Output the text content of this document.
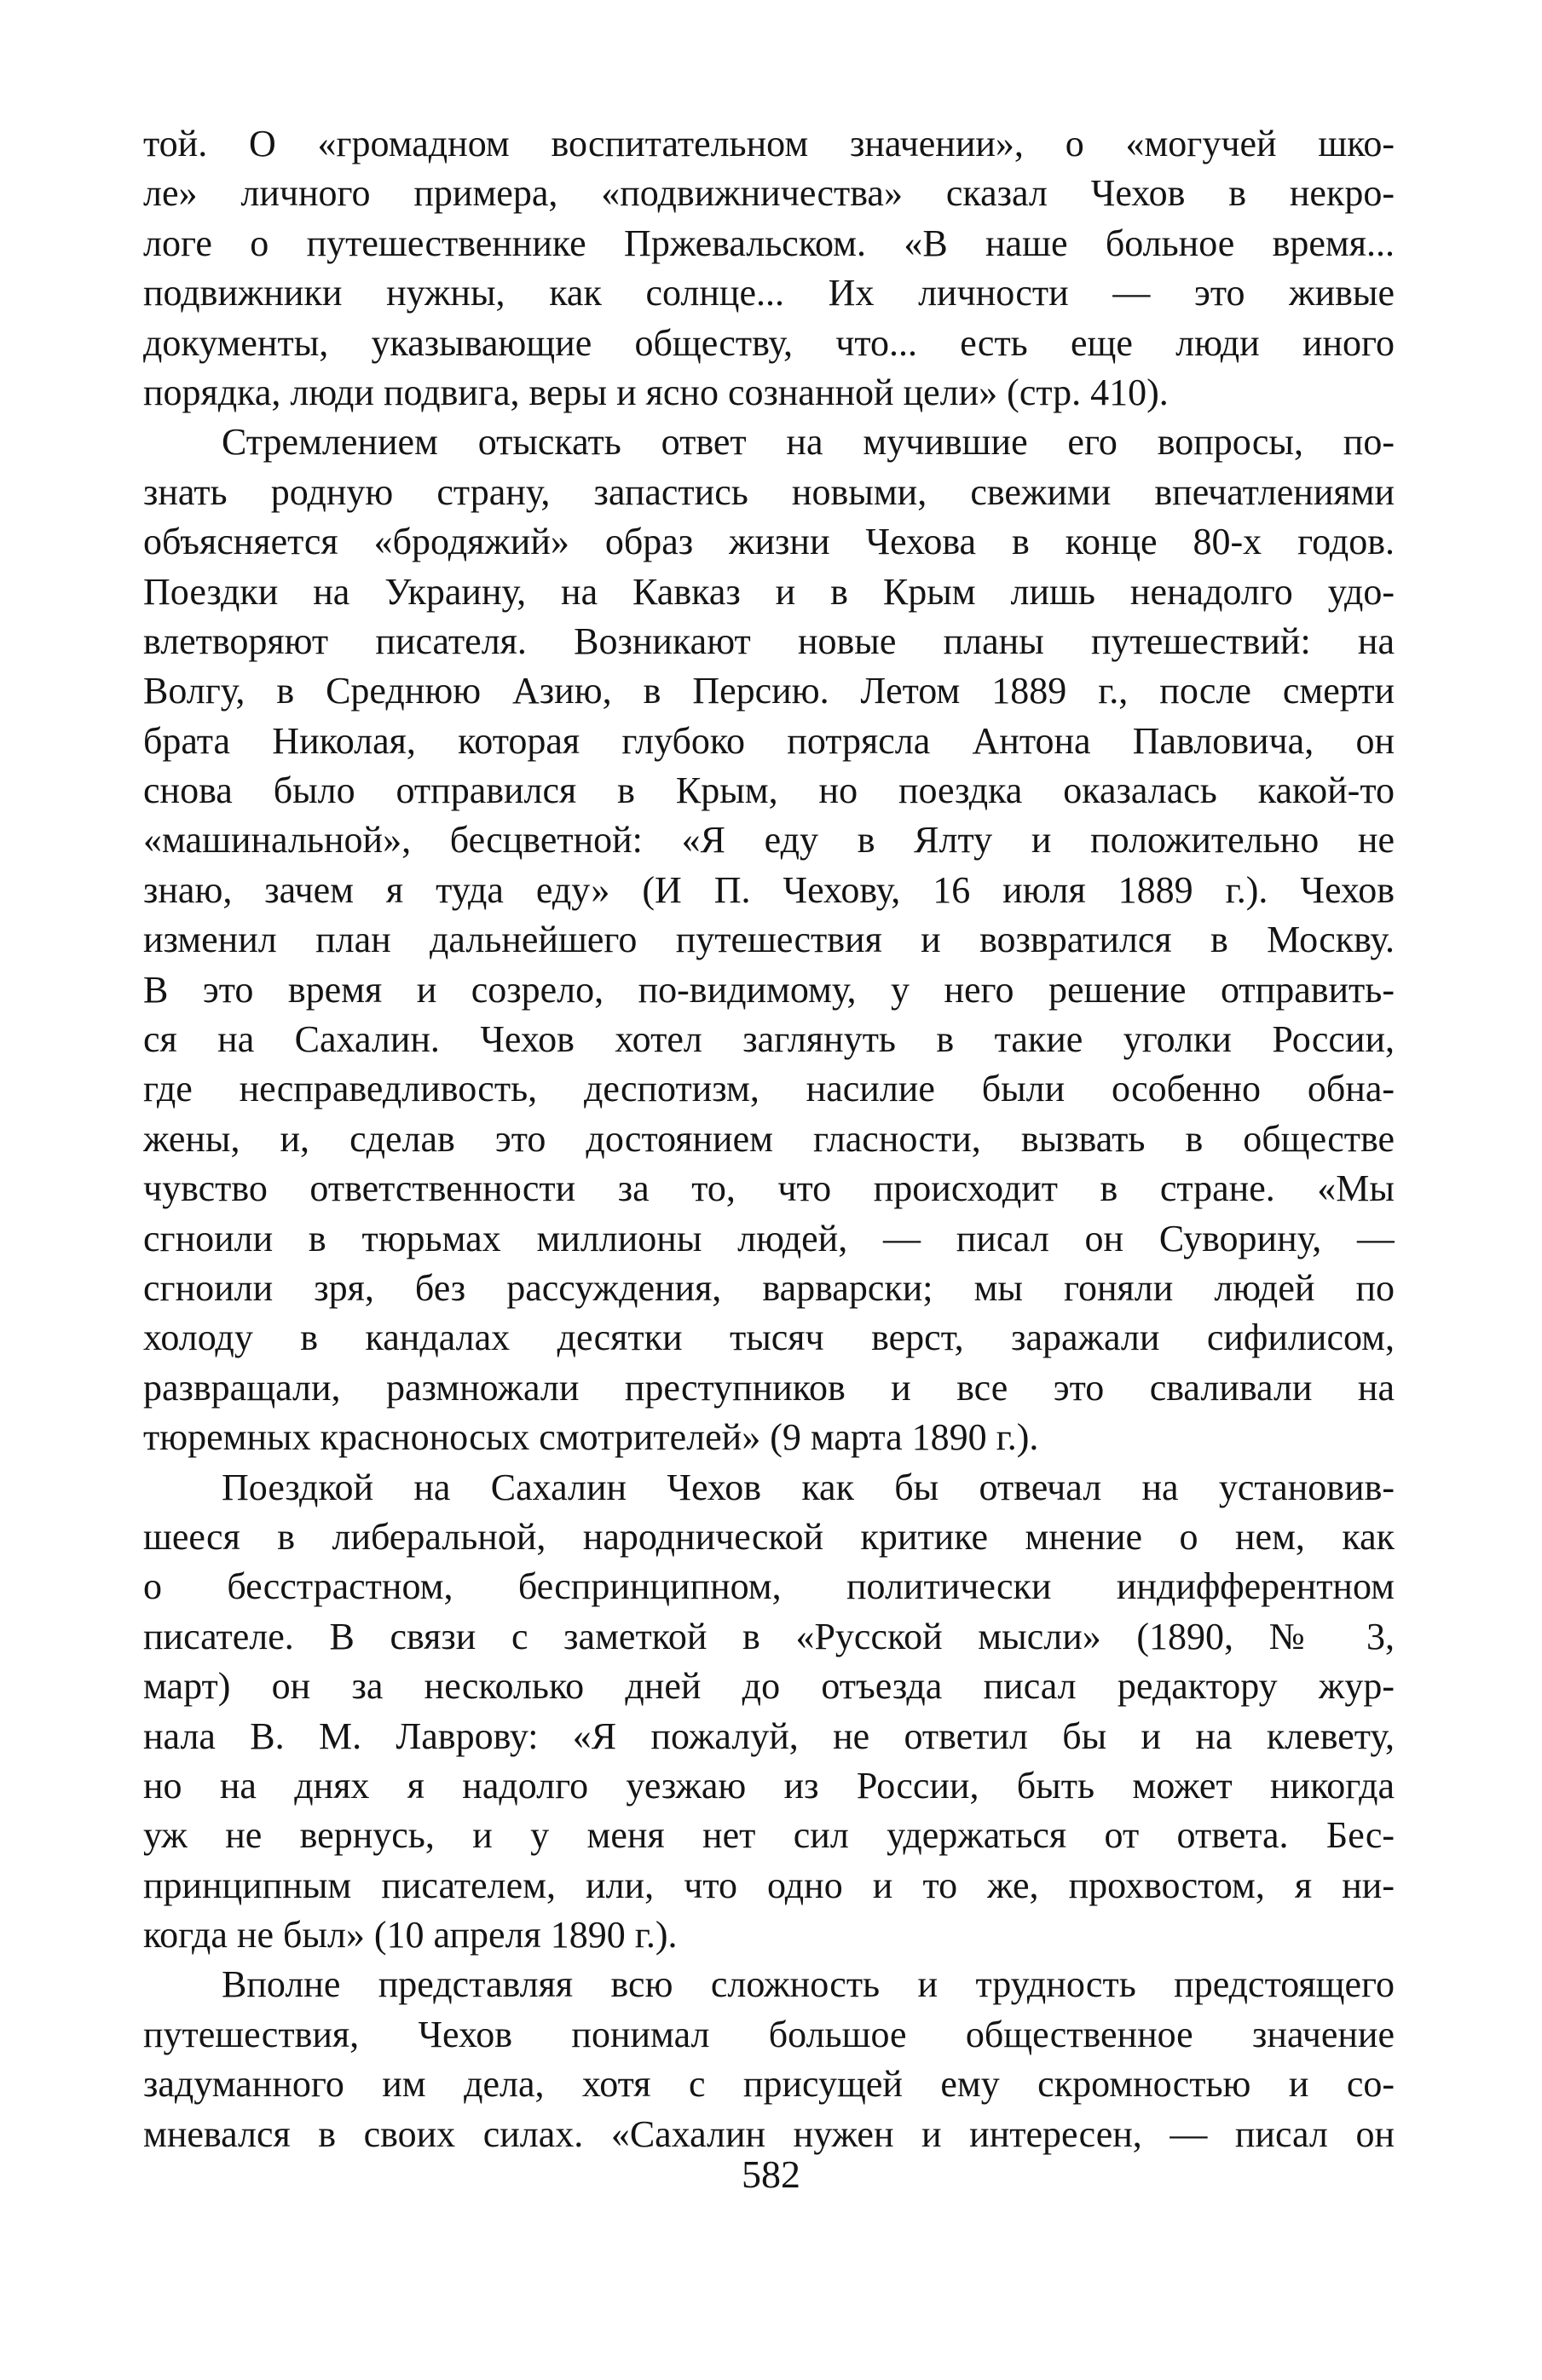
той. О «громадном воспитательном значении», о «могучей шко-
ле» личного примера, «подвижничества» сказал Чехов в некро-
логе о путешественнике Пржевальском. «В наше больное время...
подвижники нужны, как солнце... Их личности — это живые
документы, указывающие обществу, что... есть еще люди иного
порядка, люди подвига, веры и ясно сознанной цели» (стр. 410).
Стремлением отыскать ответ на мучившие его вопросы, по-
знать родную страну, запастись новыми, свежими впечатлениями
объясняется «бродяжий» образ жизни Чехова в конце 80-х годов.
Поездки на Украину, на Кавказ и в Крым лишь ненадолго удо-
влетворяют писателя. Возникают новые планы путешествий: на
Волгу, в Среднюю Азию, в Персию. Летом 1889 г., после смерти
брата Николая, которая глубоко потрясла Антона Павловича, он
снова было отправился в Крым, но поездка оказалась какой-то
«машинальной», бесцветной: «Я еду в Ялту и положительно не
знаю, зачем я туда еду» (И П. Чехову, 16 июля 1889 г.). Чехов
изменил план дальнейшего путешествия и возвратился в Москву.
В это время и созрело, по-видимому, у него решение отправить-
ся на Сахалин. Чехов хотел заглянуть в такие уголки России,
где несправедливость, деспотизм, насилие были особенно обна-
жены, и, сделав это достоянием гласности, вызвать в обществе
чувство ответственности за то, что происходит в стране. «Мы
сгноили в тюрьмах миллионы людей, — писал он Суворину, —
сгноили зря, без рассуждения, варварски; мы гоняли людей по
холоду в кандалах десятки тысяч верст, заражали сифилисом,
развращали, размножали преступников и все это сваливали на
тюремных красноносых смотрителей» (9 марта 1890 г.).
Поездкой на Сахалин Чехов как бы отвечал на установив-
шееся в либеральной, народнической критике мнение о нем, как
о бесстрастном, беспринципном, политически индифферентном
писателе. В связи с заметкой в «Русской мысли» (1890, № 3,
март) он за несколько дней до отъезда писал редактору жур-
нала В. М. Лаврову: «Я пожалуй, не ответил бы и на клевету,
но на днях я надолго уезжаю из России, быть может никогда
уж не вернусь, и у меня нет сил удержаться от ответа. Бес-
принципным писателем, или, что одно и то же, прохвостом, я ни-
когда не был» (10 апреля 1890 г.).
Вполне представляя всю сложность и трудность предстоящего
путешествия, Чехов понимал большое общественное значение
задуманного им дела, хотя с присущей ему скромностью и со-
мневался в своих силах. «Сахалин нужен и интересен, — писал он
582
